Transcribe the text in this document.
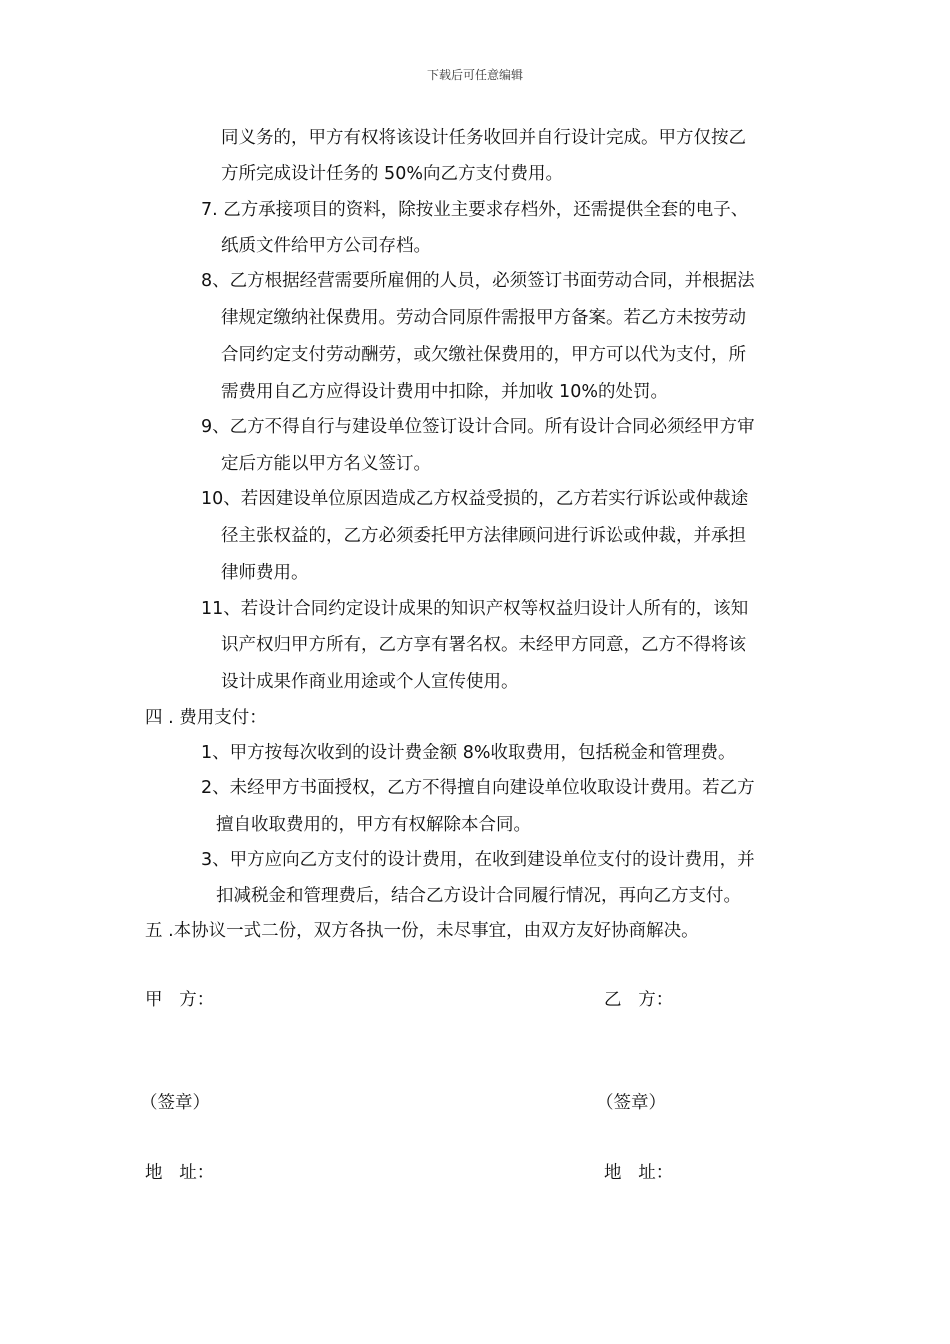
下载后可任意编辑
同义务的，甲方有权将该设计任务收回并自行设计完成。甲方仅按乙
方所完成设计任务的 50%向乙方支付费用。
7. 乙方承接项目的资料，除按业主要求存档外，还需提供全套的电子、
纸质文件给甲方公司存档。
8、乙方根据经营需要所雇佣的人员，必须签订书面劳动合同，并根据法
律规定缴纳社保费用。劳动合同原件需报甲方备案。若乙方未按劳动
合同约定支付劳动酬劳，或欠缴社保费用的，甲方可以代为支付，所
需费用自乙方应得设计费用中扣除，并加收 10%的处罚。
9、乙方不得自行与建设单位签订设计合同。所有设计合同必须经甲方审
定后方能以甲方名义签订。
10、若因建设单位原因造成乙方权益受损的，乙方若实行诉讼或仲裁途
径主张权益的，乙方必须委托甲方法律顾问进行诉讼或仲裁，并承担
律师费用。
11、若设计合同约定设计成果的知识产权等权益归设计人所有的，该知
识产权归甲方所有，乙方享有署名权。未经甲方同意，乙方不得将该
设计成果作商业用途或个人宣传使用。
四 . 费用支付：
1、甲方按每次收到的设计费金额 8%收取费用，包括税金和管理费。
2、未经甲方书面授权，乙方不得擅自向建设单位收取设计费用。若乙方
擅自收取费用的，甲方有权解除本合同。
3、甲方应向乙方支付的设计费用，在收到建设单位支付的设计费用，并
扣减税金和管理费后，结合乙方设计合同履行情况，再向乙方支付。
五 .本协议一式二份，双方各执一份，未尽事宜，由双方友好协商解决。
甲   方：	乙   方：
（签章）	（签章）
地   址：	地   址：
